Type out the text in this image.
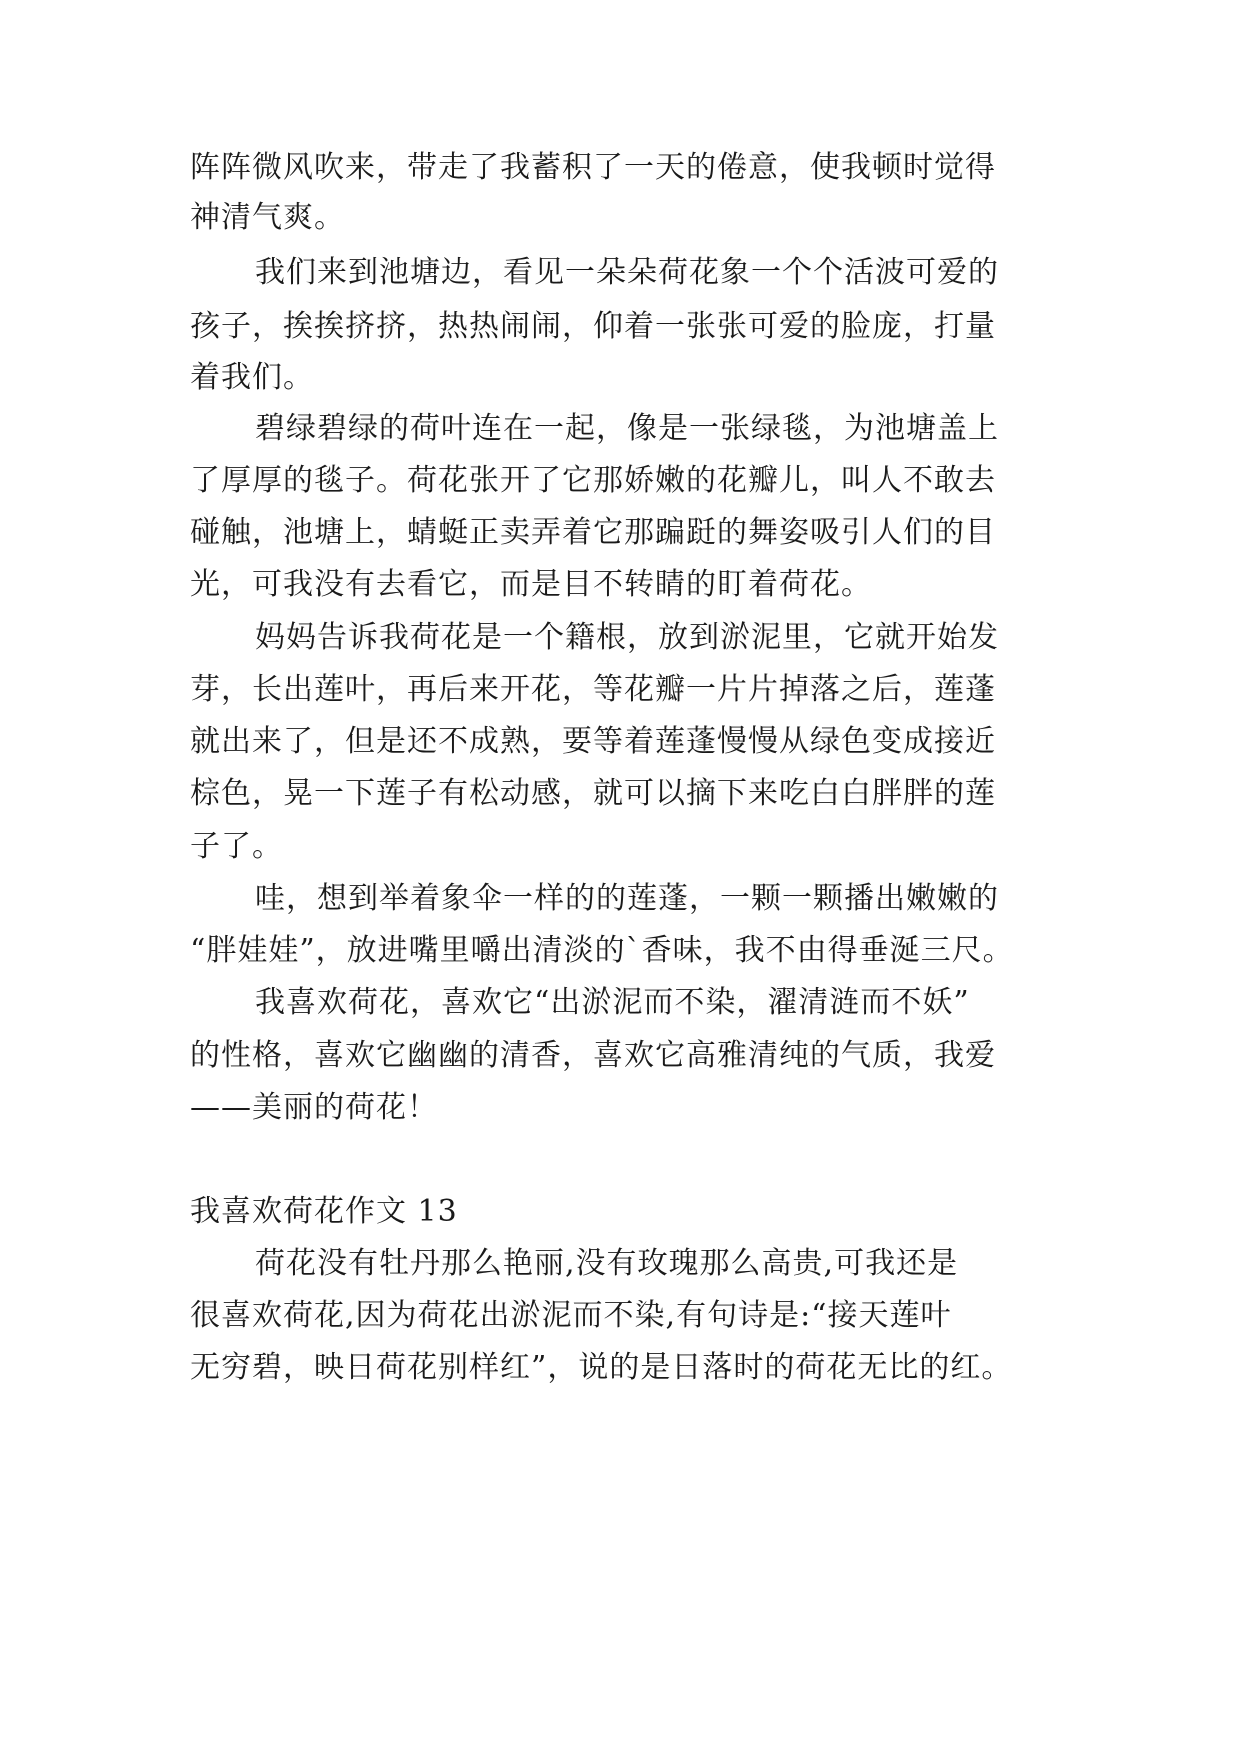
阵阵微风吹来，带走了我蓄积了一天的倦意，使我顿时觉得
神清气爽。
我们来到池塘边，看见一朵朵荷花象一个个活波可爱的
孩子，挨挨挤挤，热热闹闹，仰着一张张可爱的脸庞，打量
着我们。
碧绿碧绿的荷叶连在一起，像是一张绿毯，为池塘盖上
了厚厚的毯子。荷花张开了它那娇嫩的花瓣儿，叫人不敢去
碰触，池塘上，蜻蜓正卖弄着它那蹁跹的舞姿吸引人们的目
光，可我没有去看它，而是目不转睛的盯着荷花。
妈妈告诉我荷花是一个籍根，放到淤泥里，它就开始发
芽，长出莲叶，再后来开花，等花瓣一片片掉落之后，莲蓬
就出来了，但是还不成熟，要等着莲蓬慢慢从绿色变成接近
棕色，晃一下莲子有松动感，就可以摘下来吃白白胖胖的莲
子了。
哇，想到举着象伞一样的的莲蓬，一颗一颗播出嫩嫩的
“胖娃娃”，放进嘴里嚼出清淡的`香味，我不由得垂涎三尺。
我喜欢荷花，喜欢它“出淤泥而不染，濯清涟而不妖”
的性格，喜欢它幽幽的清香，喜欢它高雅清纯的气质，我爱
——美丽的荷花！
我喜欢荷花作文 13
荷花没有牡丹那么艳丽,没有玫瑰那么高贵,可我还是
很喜欢荷花,因为荷花出淤泥而不染,有句诗是:“接天莲叶
无穷碧，映日荷花别样红”，说的是日落时的荷花无比的红。
